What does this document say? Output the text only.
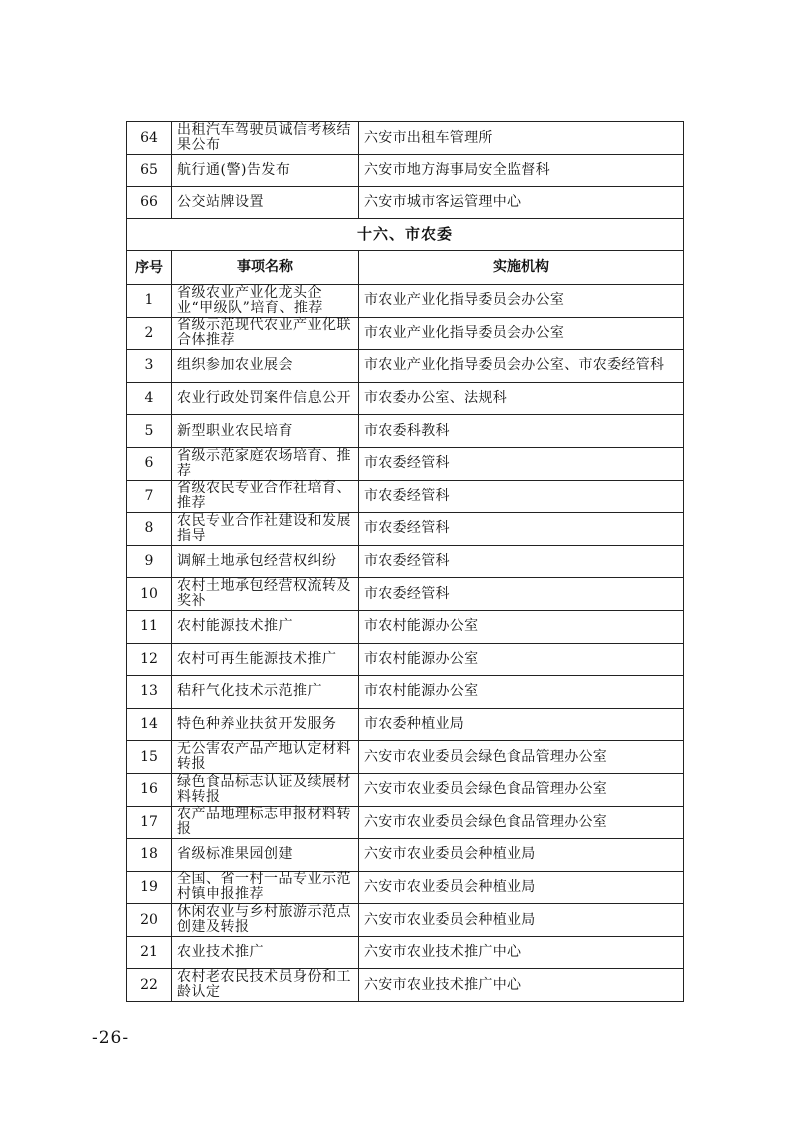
64	出租汽车驾驶员诚信考核结果公布	六安市出租车管理所
65	航行通(警)告发布	六安市地方海事局安全监督科
66	公交站牌设置	六安市城市客运管理中心
十六、市农委		
序号	事项名称	实施机构
1	省级农业产业化龙头企业“甲级队”培育、推荐	市农业产业化指导委员会办公室
2	省级示范现代农业产业化联合体推荐	市农业产业化指导委员会办公室
3	组织参加农业展会	市农业产业化指导委员会办公室、市农委经管科
4	农业行政处罚案件信息公开	市农委办公室、法规科
5	新型职业农民培育	市农委科教科
6	省级示范家庭农场培育、推荐	市农委经管科
7	省级农民专业合作社培育、推荐	市农委经管科
8	农民专业合作社建设和发展指导	市农委经管科
9	调解土地承包经营权纠纷	市农委经管科
10	农村土地承包经营权流转及奖补	市农委经管科
11	农村能源技术推广	市农村能源办公室
12	农村可再生能源技术推广	市农村能源办公室
13	秸秆气化技术示范推广	市农村能源办公室
14	特色种养业扶贫开发服务	市农委种植业局
15	无公害农产品产地认定材料转报	六安市农业委员会绿色食品管理办公室
16	绿色食品标志认证及续展材料转报	六安市农业委员会绿色食品管理办公室
17	农产品地理标志申报材料转报	六安市农业委员会绿色食品管理办公室
18	省级标准果园创建	六安市农业委员会种植业局
19	全国、省一村一品专业示范村镇申报推荐	六安市农业委员会种植业局
20	休闲农业与乡村旅游示范点创建及转报	六安市农业委员会种植业局
21	农业技术推广	六安市农业技术推广中心
22	农村老农民技术员身份和工龄认定	六安市农业技术推广中心
-26-
